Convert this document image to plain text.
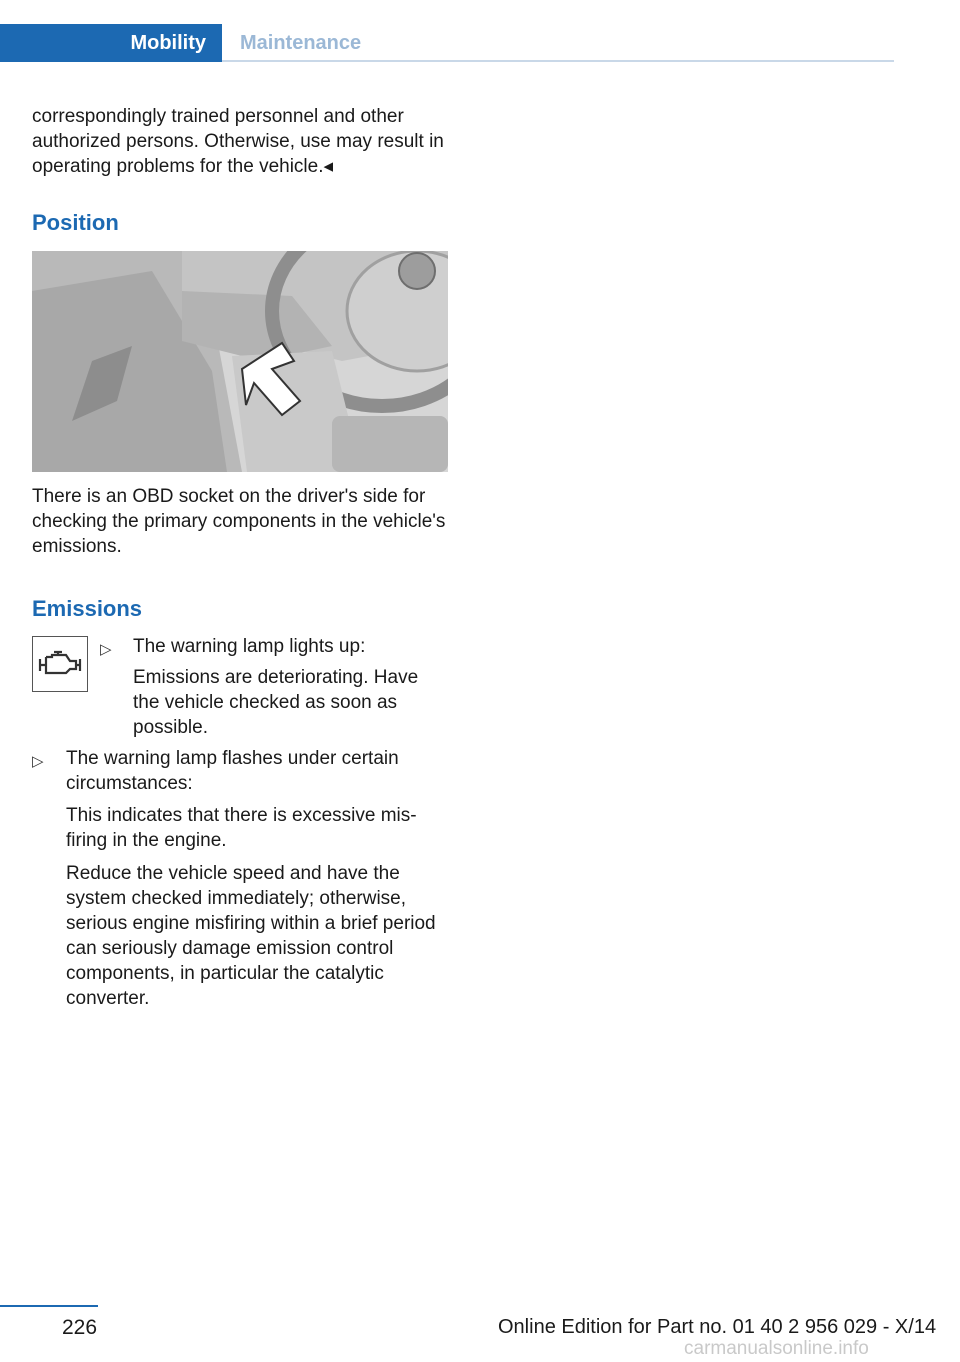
Mobility	Maintenance

correspondingly trained personnel and other authorized persons. Otherwise, use may result in operating problems for the vehicle.◂

Position

There is an OBD socket on the driver's side for checking the primary components in the vehicle's emissions.

Emissions
▷ The warning lamp lights up:

Emissions are deteriorating. Have the vehicle checked as soon as possible.

▷ The warning lamp flashes under certain circumstances:

This indicates that there is excessive misfiring in the engine.

Reduce the vehicle speed and have the system checked immediately; otherwise, serious engine misfiring within a brief period can seriously damage emission control components, in particular the catalytic converter.

226	Online Edition for Part no. 01 40 2 956 029 - X/14
carmanualsonline.info
